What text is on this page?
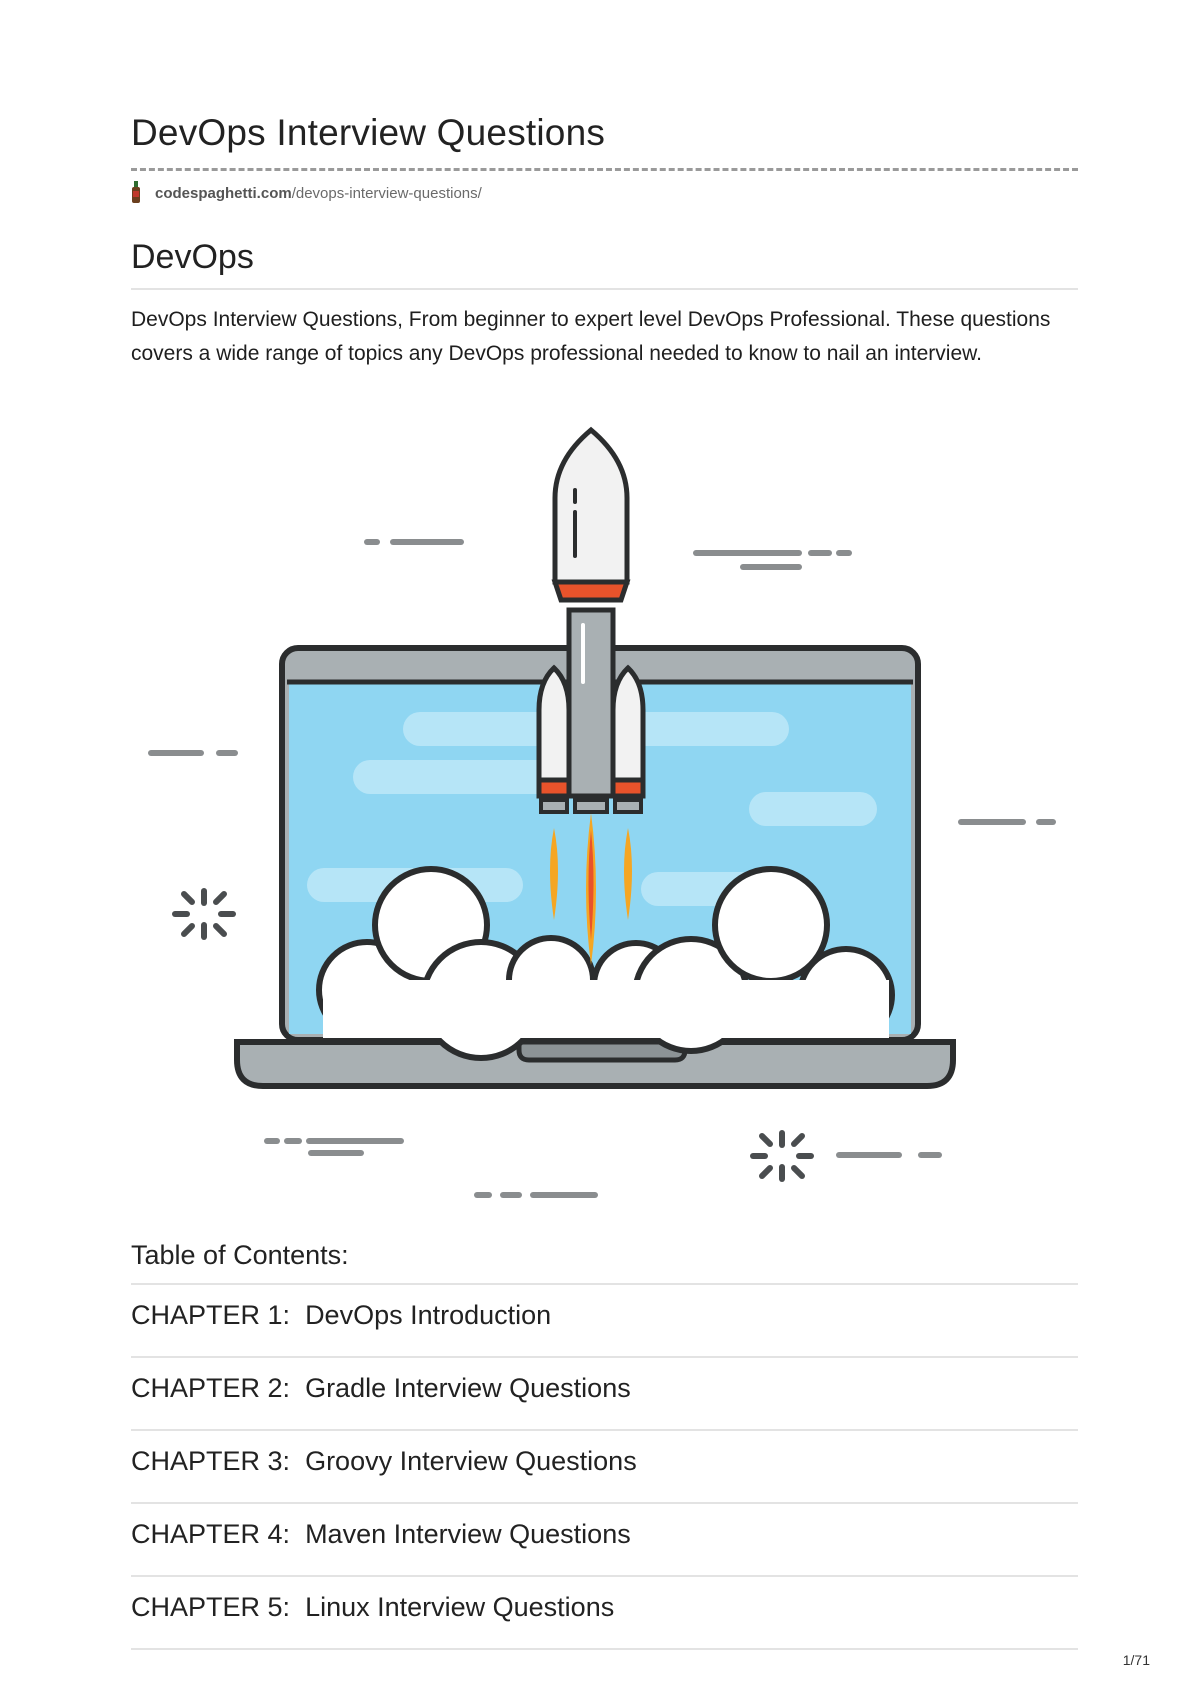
DevOps Interview Questions
codespaghetti.com/devops-interview-questions/
DevOps

DevOps Interview Questions, From beginner to expert level DevOps Professional. These questions covers a wide range of topics any DevOps professional needed to know to nail an interview.

Table of Contents:
CHAPTER 1: DevOps Introduction
CHAPTER 2: Gradle Interview Questions
CHAPTER 3: Groovy Interview Questions
CHAPTER 4: Maven Interview Questions
CHAPTER 5: Linux Interview Questions
1/71
